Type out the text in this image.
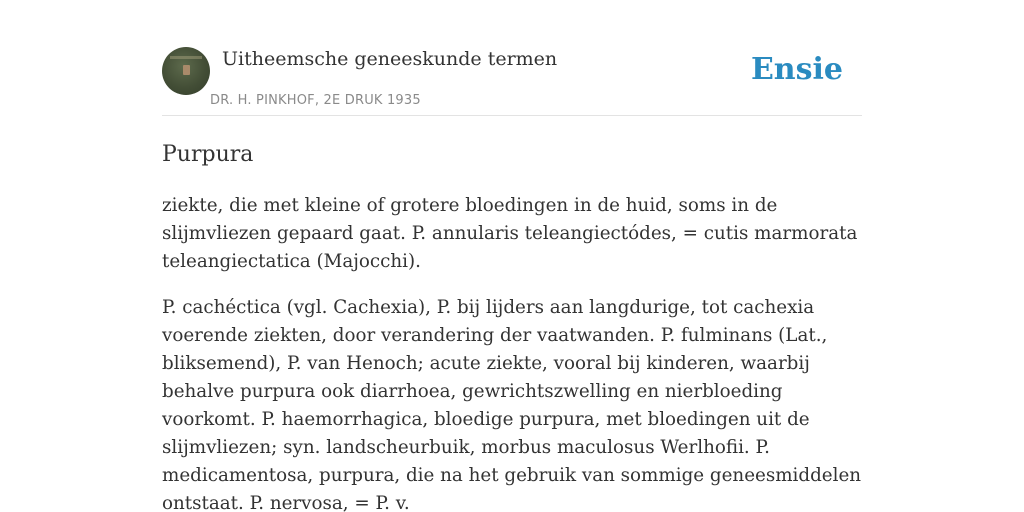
Uitheemsche geneeskunde termen
DR. H. PINKHOF, 2E DRUK 1935
Ensie
Purpura

ziekte, die met kleine of grotere bloedingen in de huid, soms in de slijmvliezen gepaard gaat. P. annularis teleangiectódes, = cutis marmorata teleangiectatica (Majocchi).

P. cachéctica (vgl. Cachexia), P. bij lijders aan langdurige, tot cachexia voerende ziekten, door verandering der vaatwanden. P. fulminans (Lat., bliksemend), P. van Henoch; acute ziekte, vooral bij kinderen, waarbij behalve purpura ook diarrhoea, gewrichtszwelling en nierbloeding voorkomt. P. haemorrhagica, bloedige purpura, met bloedingen uit de slijmvliezen; syn. landscheurbuik, morbus maculosus Werlhofii. P. medicamentosa, purpura, die na het gebruik van sommige geneesmiddelen ontstaat. P. nervosa, = P. v.
